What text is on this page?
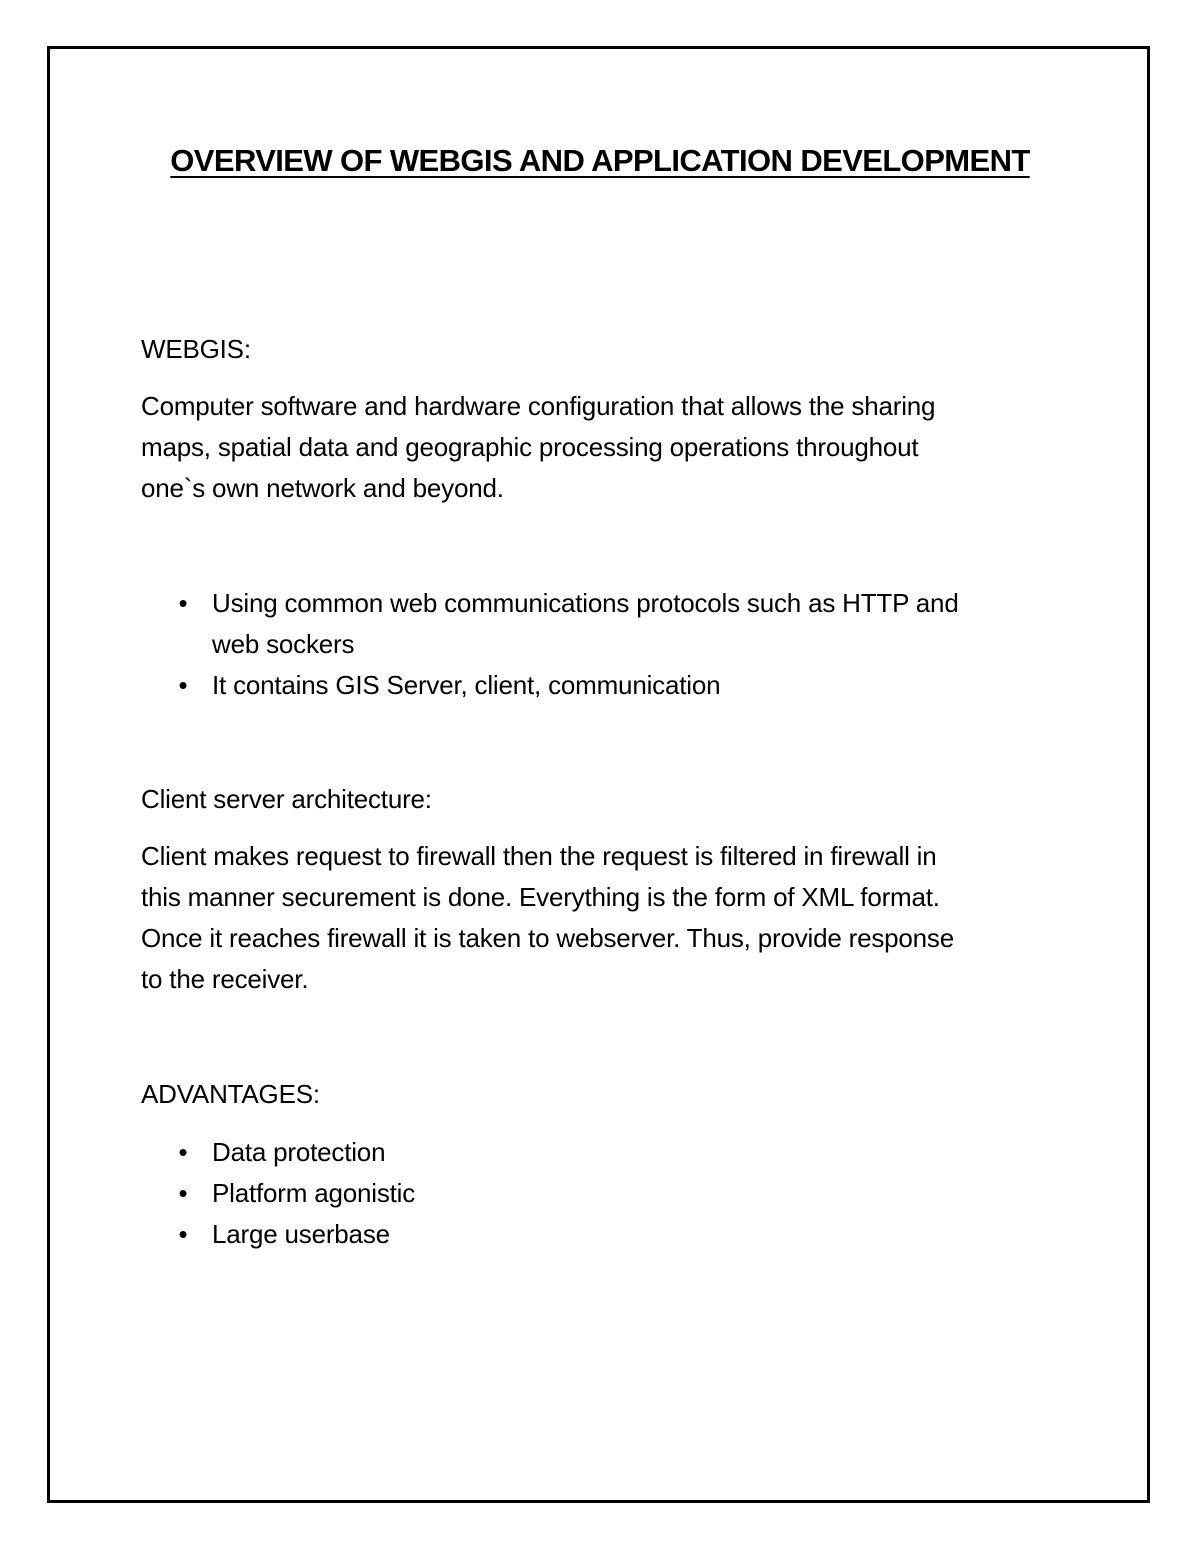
OVERVIEW OF WEBGIS AND APPLICATION DEVELOPMENT
WEBGIS:
Computer software and hardware configuration that allows the sharing
maps, spatial data and geographic processing operations throughout
one`s own network and beyond.
• Using common web communications protocols such as HTTP and
web sockers
• It contains GIS Server, client, communication
Client server architecture:
Client makes request to firewall then the request is filtered in firewall in
this manner securement is done. Everything is the form of XML format.
Once it reaches firewall it is taken to webserver. Thus, provide response
to the receiver.
ADVANTAGES:
• Data protection
• Platform agonistic
• Large userbase
